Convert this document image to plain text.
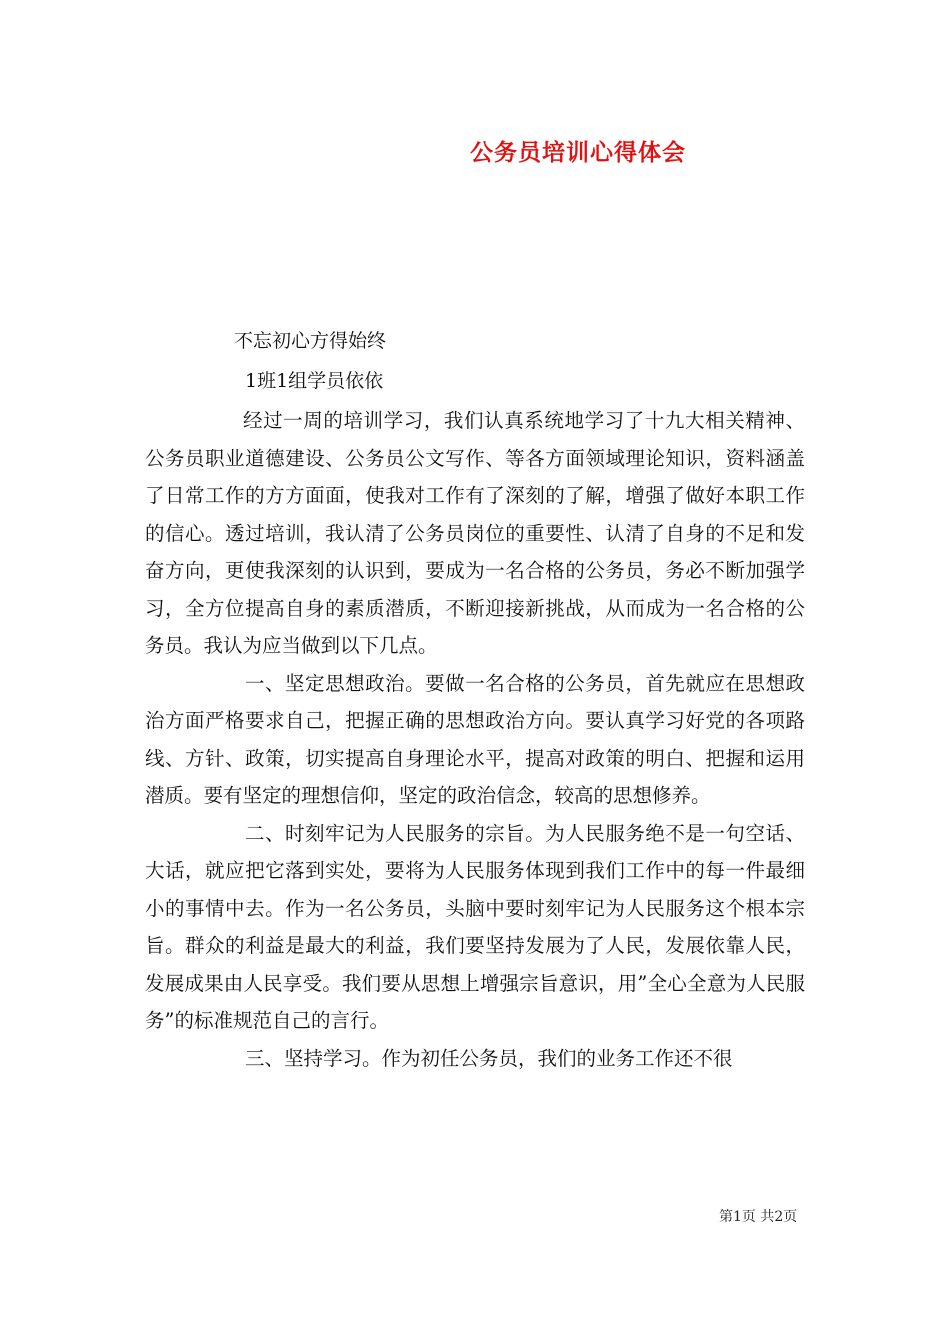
公务员培训心得体会
不忘初心方得始终
1班1组学员依依

经过一周的培训学习，我们认真系统地学习了十九大相关精神、公务员职业道德建设、公务员公文写作、等各方面领域理论知识，资料涵盖了日常工作的方方面面，使我对工作有了深刻的了解，增强了做好本职工作的信心。透过培训，我认清了公务员岗位的重要性、认清了自身的不足和发奋方向，更使我深刻的认识到，要成为一名合格的公务员，务必不断加强学习，全方位提高自身的素质潜质，不断迎接新挑战，从而成为一名合格的公务员。我认为应当做到以下几点。

一、坚定思想政治。要做一名合格的公务员，首先就应在思想政治方面严格要求自己，把握正确的思想政治方向。要认真学习好党的各项路线、方针、政策，切实提高自身理论水平，提高对政策的明白、把握和运用潜质。要有坚定的理想信仰，坚定的政治信念，较高的思想修养。

二、时刻牢记为人民服务的宗旨。为人民服务绝不是一句空话、大话，就应把它落到实处，要将为人民服务体现到我们工作中的每一件最细小的事情中去。作为一名公务员，头脑中要时刻牢记为人民服务这个根本宗旨。群众的利益是最大的利益，我们要坚持发展为了人民，发展依靠人民，发展成果由人民享受。我们要从思想上增强宗旨意识，用”全心全意为人民服务”的标准规范自己的言行。

三、坚持学习。作为初任公务员，我们的业务工作还不很

第1页 共2页
